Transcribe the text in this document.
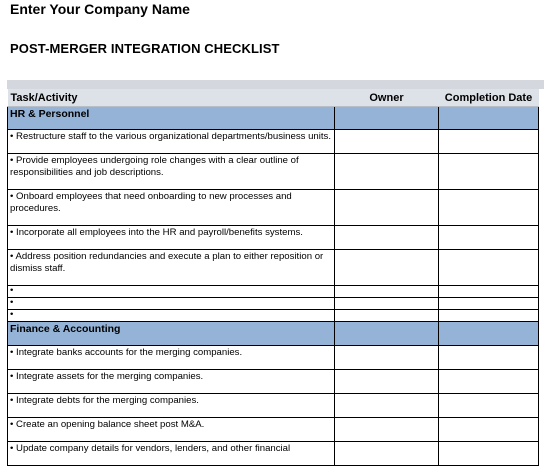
Enter Your Company Name
POST-MERGER INTEGRATION CHECKLIST
Task/Activity	Owner	Completion Date
HR & Personnel		
• Restructure staff to the various organizational departments/business units.		
• Provide employees undergoing role changes with a clear outline of responsibilities and job descriptions.		
• Onboard employees that need onboarding to new processes and procedures.		
• Incorporate all employees into the HR and payroll/benefits systems.		
• Address position redundancies and execute a plan to either reposition or dismiss staff.		
•		
•		
•		
Finance & Accounting		
• Integrate banks accounts for the merging companies.		
• Integrate assets for the merging companies.		
• Integrate debts for the merging companies.		
• Create an opening balance sheet post M&A.		
• Update company details for vendors, lenders, and other financial		
